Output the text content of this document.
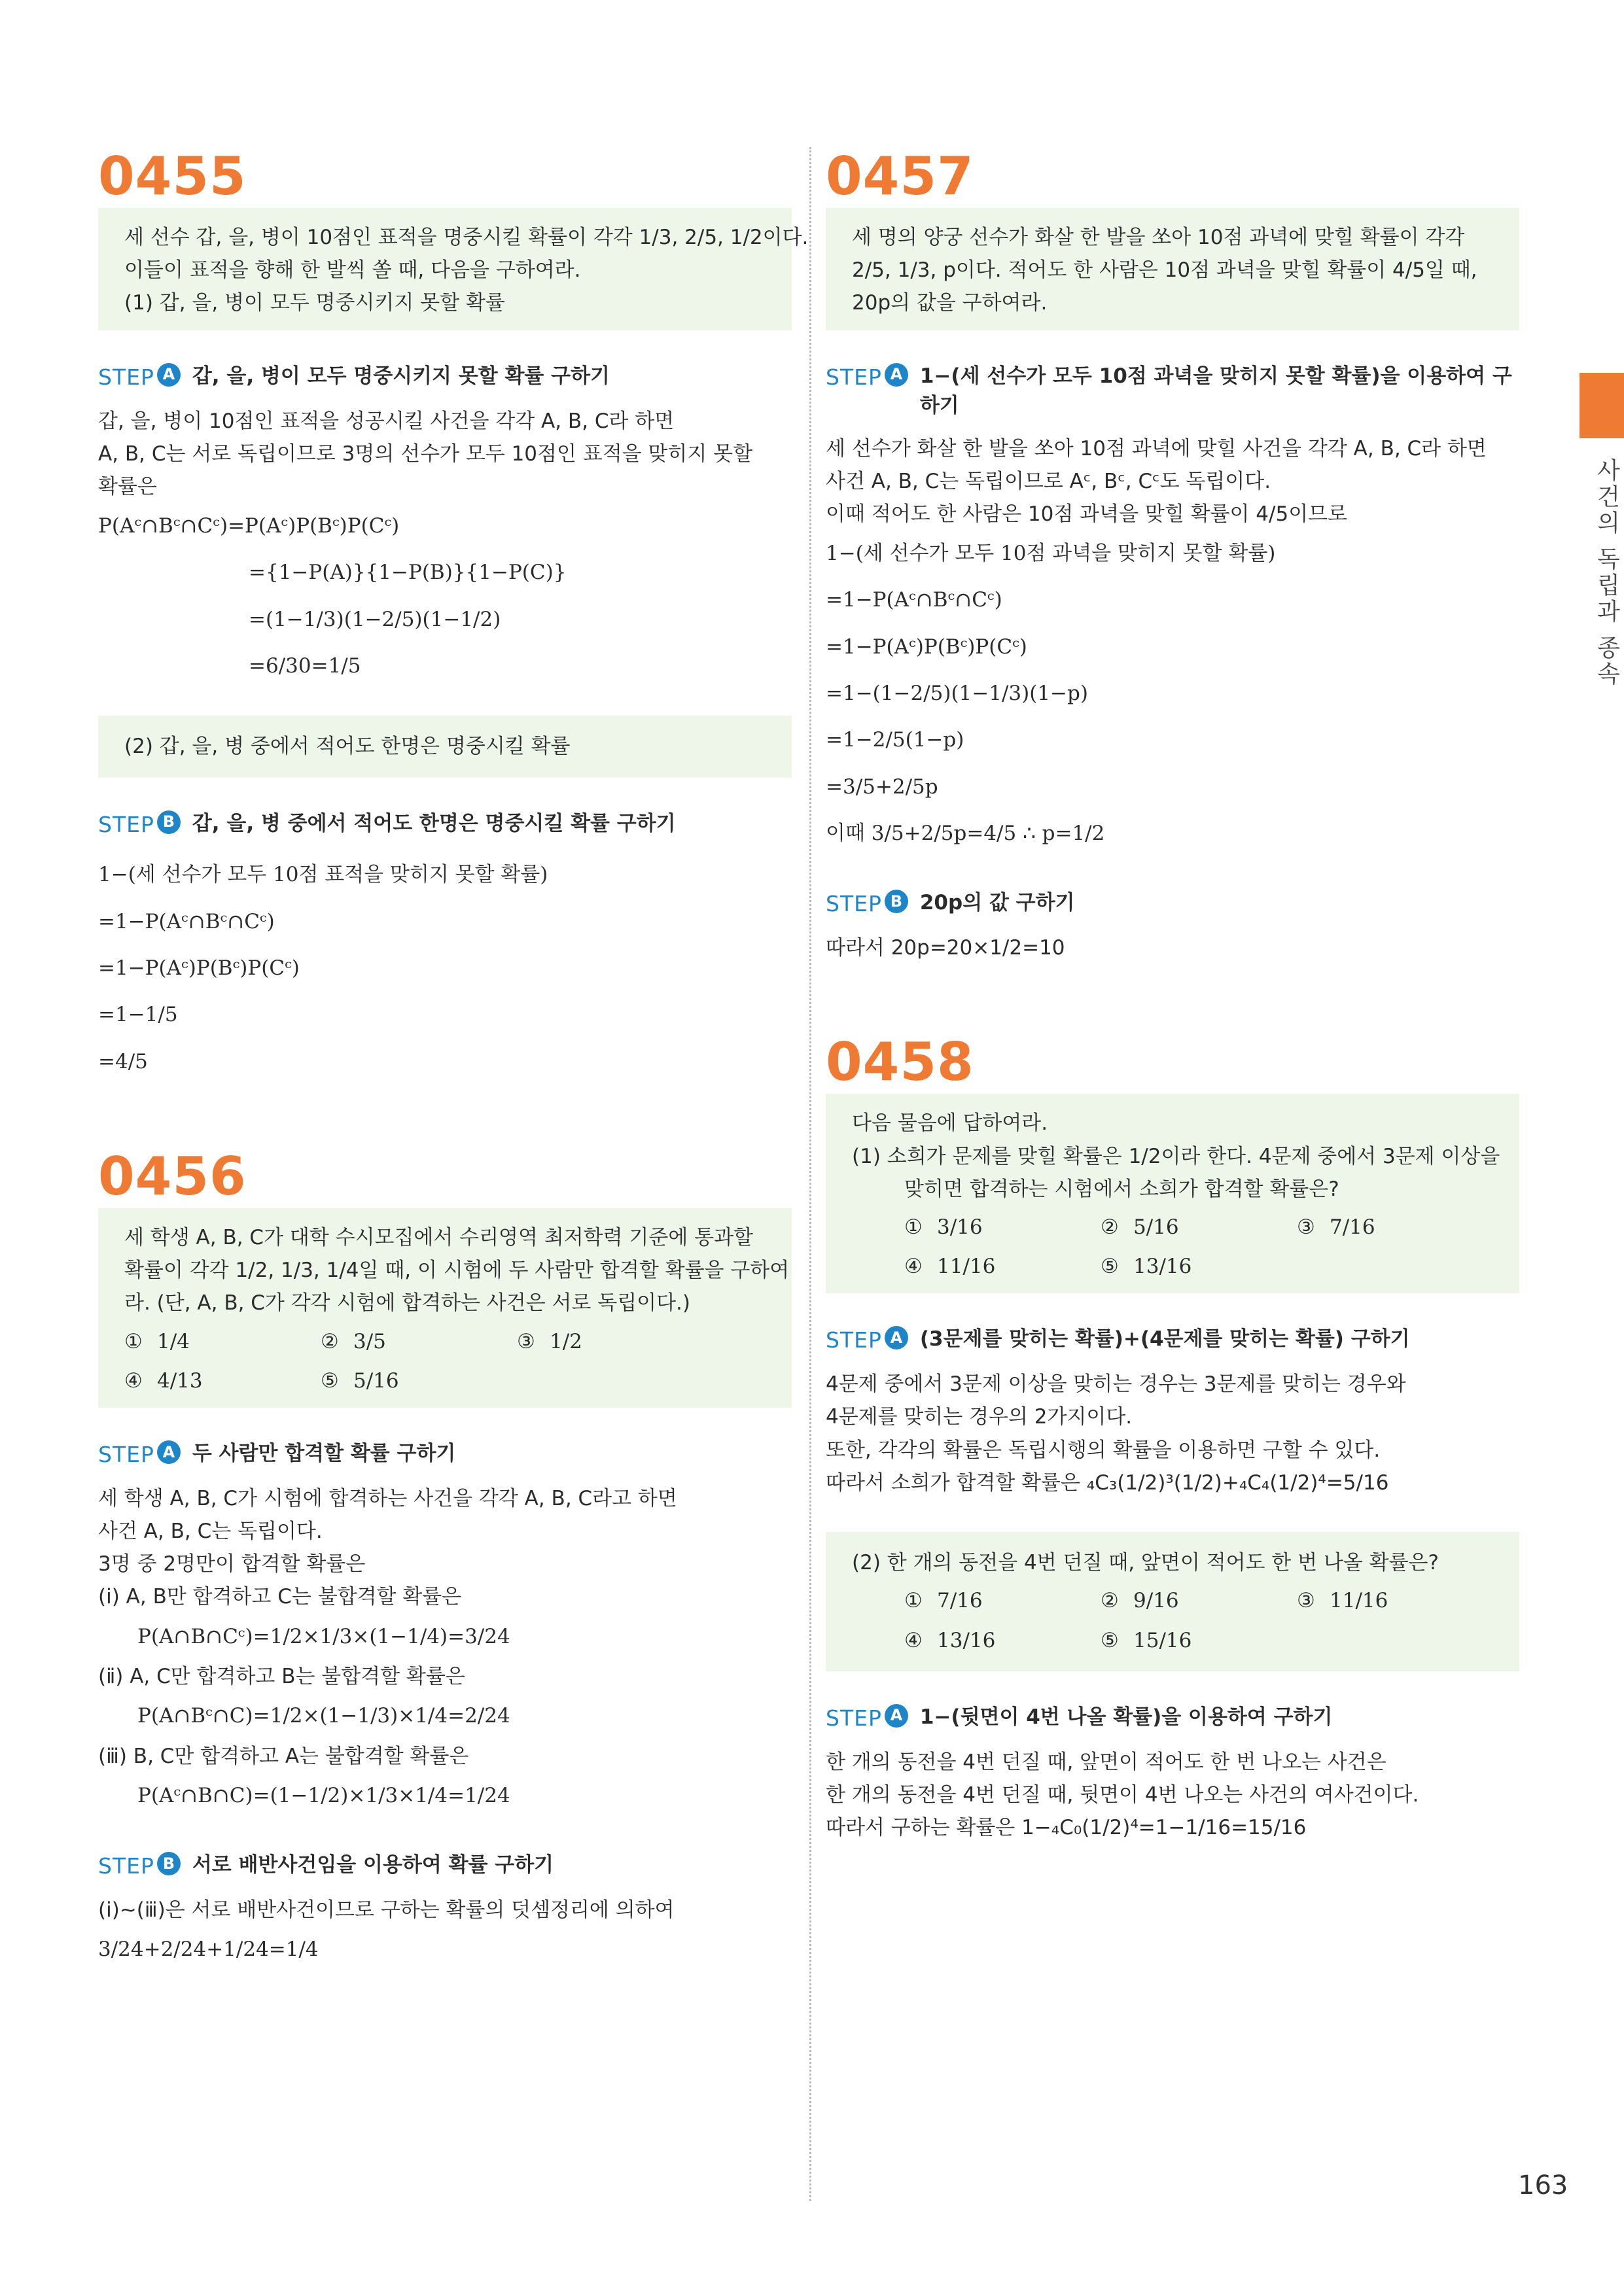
0455
세 선수 갑, 을, 병이 10점인 표적을 명중시킬 확률이 각각 1/3, 2/5, 1/2이다.
이들이 표적을 향해 한 발씩 쏠 때, 다음을 구하여라.
(1) 갑, 을, 병이 모두 명중시키지 못할 확률
STEP A 갑, 을, 병이 모두 명중시키지 못할 확률 구하기
갑, 을, 병이 10점인 표적을 성공시킬 사건을 각각 A, B, C라 하면
A, B, C는 서로 독립이므로 3명의 선수가 모두 10점인 표적을 맞히지 못할
확률은
P(Aᶜ∩Bᶜ∩Cᶜ)=P(Aᶜ)P(Bᶜ)P(Cᶜ)
={1−P(A)}{1−P(B)}{1−P(C)}
=(1−1/3)(1−2/5)(1−1/2)
=6/30=1/5
(2) 갑, 을, 병 중에서 적어도 한명은 명중시킬 확률
STEP B 갑, 을, 병 중에서 적어도 한명은 명중시킬 확률 구하기
1−(세 선수가 모두 10점 표적을 맞히지 못할 확률)
=1−P(Aᶜ∩Bᶜ∩Cᶜ)
=1−P(Aᶜ)P(Bᶜ)P(Cᶜ)
=1−1/5
=4/5
0456
세 학생 A, B, C가 대학 수시모집에서 수리영역 최저학력 기준에 통과할
확률이 각각 1/2, 1/3, 1/4일 때, 이 시험에 두 사람만 합격할 확률을 구하여
라. (단, A, B, C가 각각 시험에 합격하는 사건은 서로 독립이다.)
① 1/4	② 3/5	③ 1/2
④ 4/13	⑤ 5/16
STEP A 두 사람만 합격할 확률 구하기
세 학생 A, B, C가 시험에 합격하는 사건을 각각 A, B, C라고 하면
사건 A, B, C는 독립이다.
3명 중 2명만이 합격할 확률은
(ⅰ) A, B만 합격하고 C는 불합격할 확률은
P(A∩B∩Cᶜ)=1/2×1/3×(1−1/4)=3/24
(ⅱ) A, C만 합격하고 B는 불합격할 확률은
P(A∩Bᶜ∩C)=1/2×(1−1/3)×1/4=2/24
(ⅲ) B, C만 합격하고 A는 불합격할 확률은
P(Aᶜ∩B∩C)=(1−1/2)×1/3×1/4=1/24
STEP B 서로 배반사건임을 이용하여 확률 구하기
(ⅰ)~(ⅲ)은 서로 배반사건이므로 구하는 확률의 덧셈정리에 의하여
3/24+2/24+1/24=1/4
0457
세 명의 양궁 선수가 화살 한 발을 쏘아 10점 과녁에 맞힐 확률이 각각
2/5, 1/3, p이다. 적어도 한 사람은 10점 과녁을 맞힐 확률이 4/5일 때,
20p의 값을 구하여라.
STEP A 1−(세 선수가 모두 10점 과녁을 맞히지 못할 확률)을 이용하여 구하기
세 선수가 화살 한 발을 쏘아 10점 과녁에 맞힐 사건을 각각 A, B, C라 하면
사건 A, B, C는 독립이므로 Aᶜ, Bᶜ, Cᶜ도 독립이다.
이때 적어도 한 사람은 10점 과녁을 맞힐 확률이 4/5이므로
1−(세 선수가 모두 10점 과녁을 맞히지 못할 확률)
=1−P(Aᶜ∩Bᶜ∩Cᶜ)
=1−P(Aᶜ)P(Bᶜ)P(Cᶜ)
=1−(1−2/5)(1−1/3)(1−p)
=1−2/5(1−p)
=3/5+2/5p
이때 3/5+2/5p=4/5 ∴ p=1/2
STEP B 20p의 값 구하기
따라서 20p=20×1/2=10
0458
다음 물음에 답하여라.
(1) 소희가 문제를 맞힐 확률은 1/2이라 한다. 4문제 중에서 3문제 이상을
맞히면 합격하는 시험에서 소희가 합격할 확률은?
① 3/16	② 5/16	③ 7/16
④ 11/16	⑤ 13/16
STEP A (3문제를 맞히는 확률)+(4문제를 맞히는 확률) 구하기
4문제 중에서 3문제 이상을 맞히는 경우는 3문제를 맞히는 경우와
4문제를 맞히는 경우의 2가지이다.
또한, 각각의 확률은 독립시행의 확률을 이용하면 구할 수 있다.
따라서 소희가 합격할 확률은 ₄C₃(1/2)³(1/2)+₄C₄(1/2)⁴=5/16
(2) 한 개의 동전을 4번 던질 때, 앞면이 적어도 한 번 나올 확률은?
① 7/16	② 9/16	③ 11/16
④ 13/16	⑤ 15/16
STEP A 1−(뒷면이 4번 나올 확률)을 이용하여 구하기
한 개의 동전을 4번 던질 때, 앞면이 적어도 한 번 나오는 사건은
한 개의 동전을 4번 던질 때, 뒷면이 4번 나오는 사건의 여사건이다.
따라서 구하는 확률은 1−₄C₀(1/2)⁴=1−1/16=15/16
사건의 독립과 종속
163
